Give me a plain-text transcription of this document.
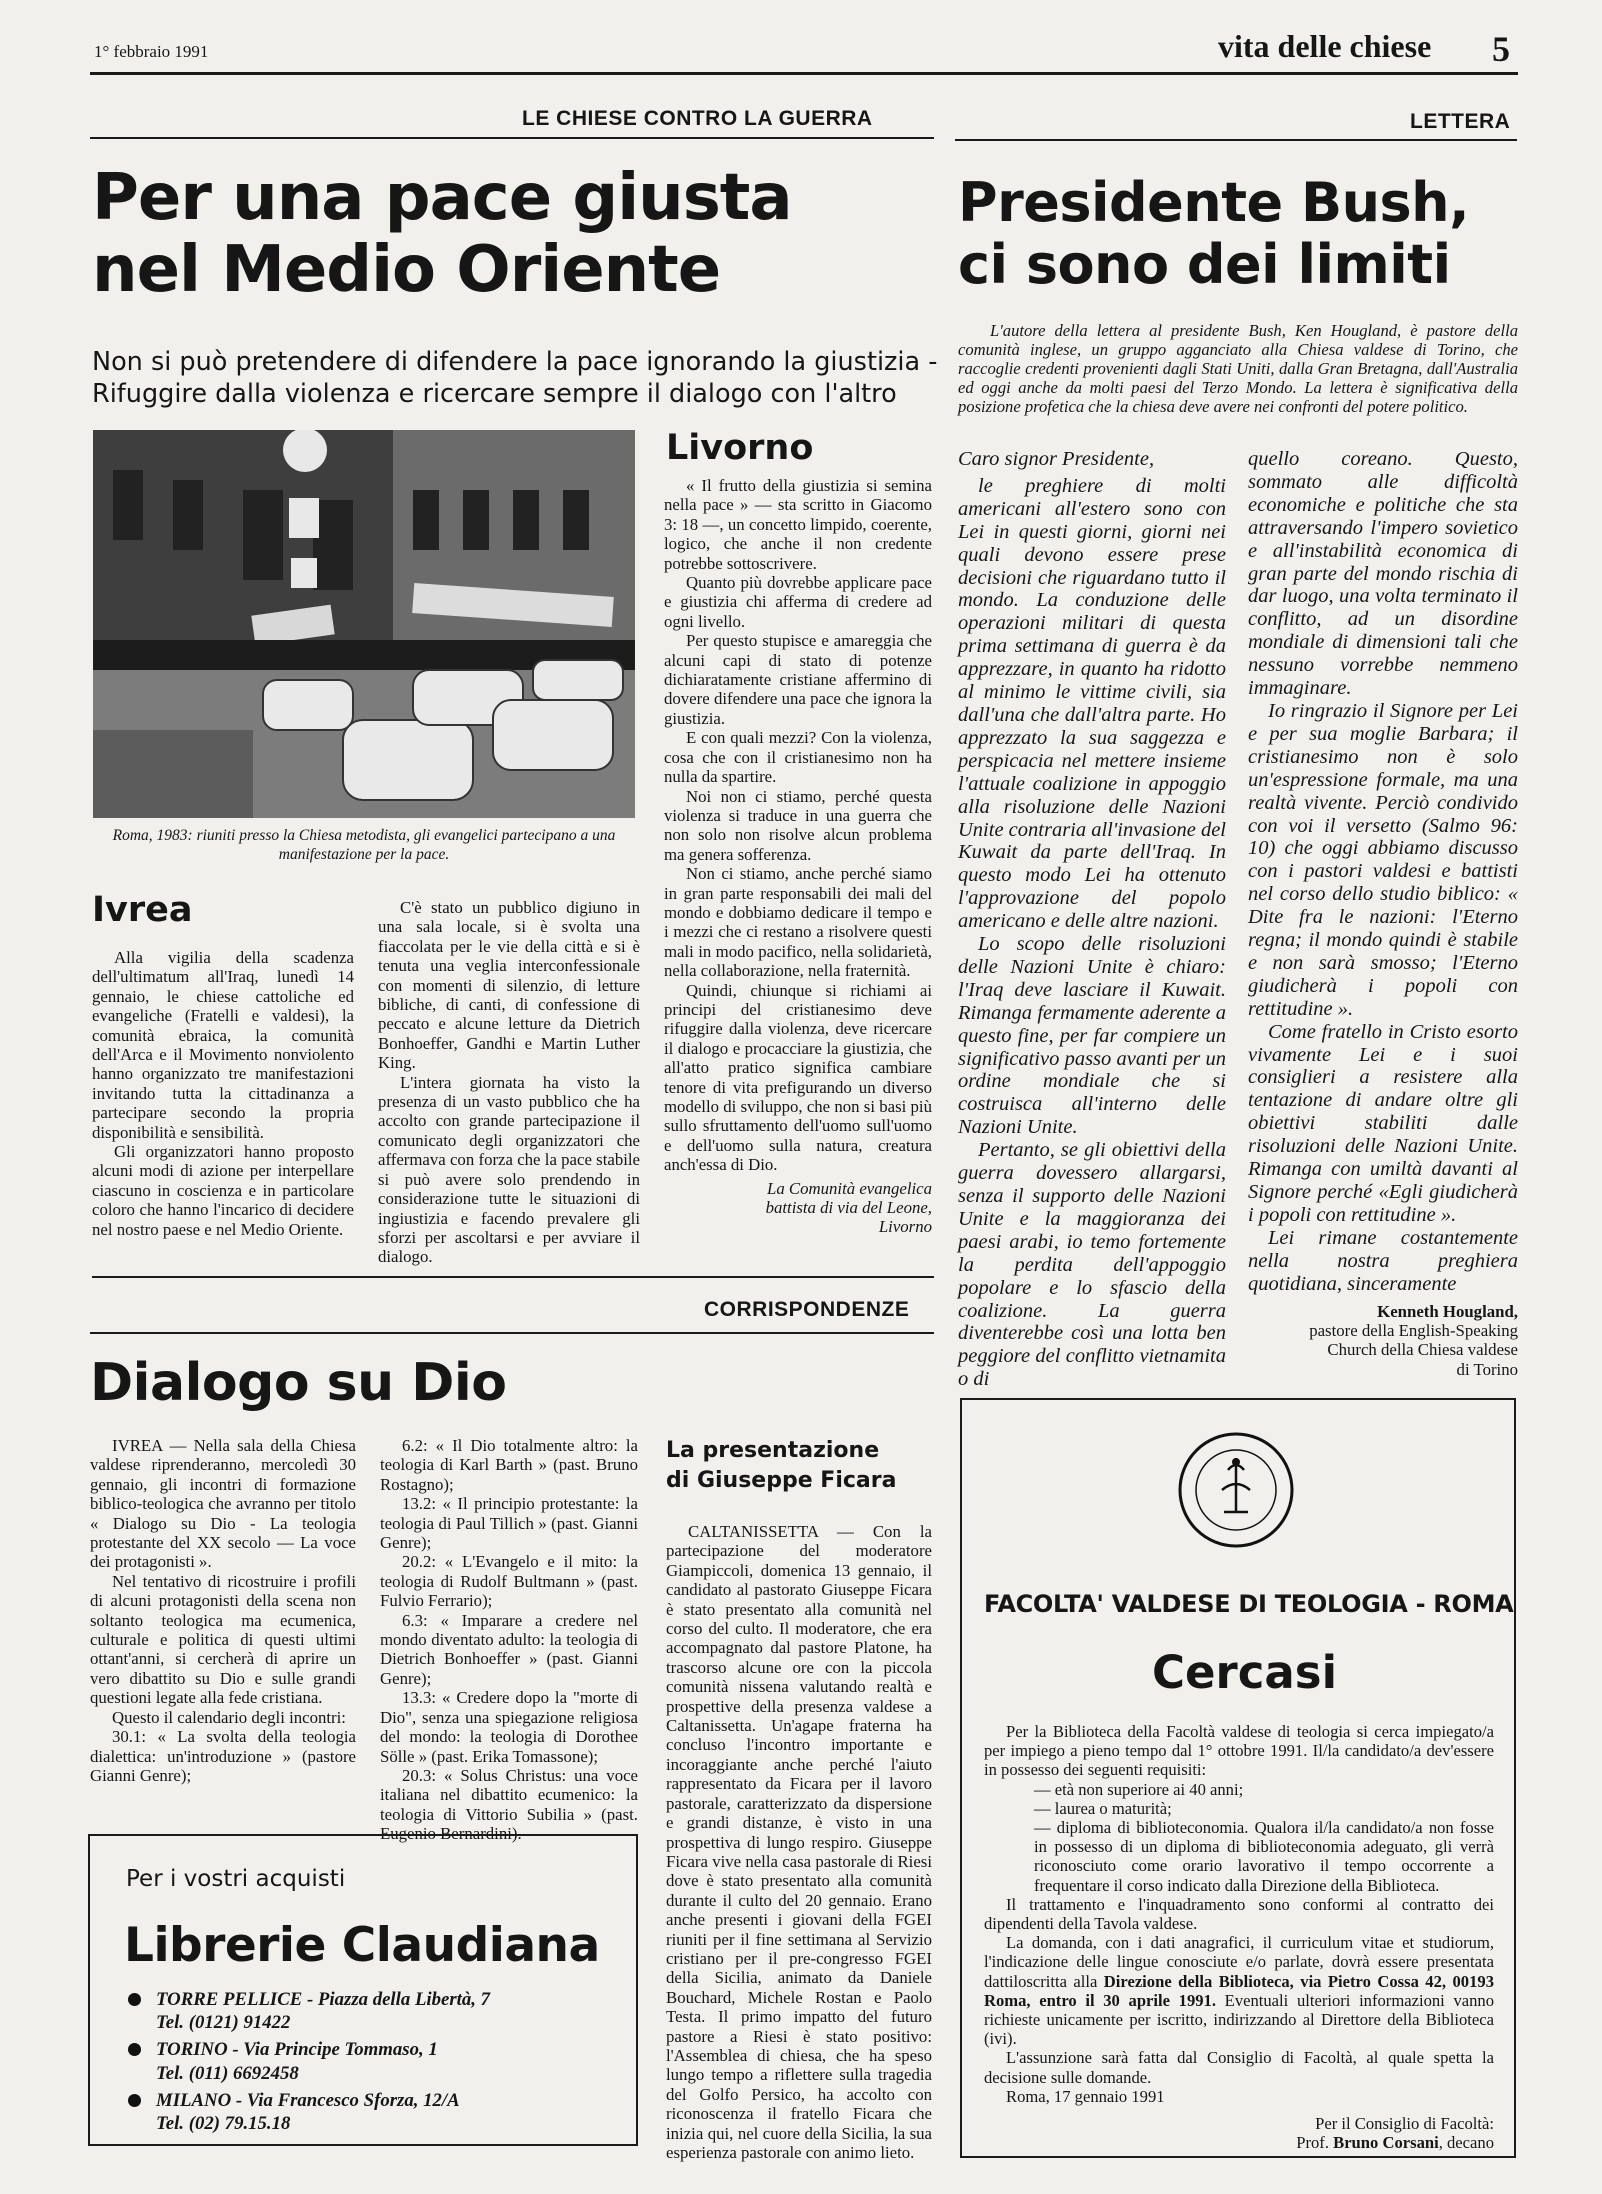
1° febbraio 1991	vita delle chiese 5
LE CHIESE CONTRO LA GUERRA	LETTERA
Per una pace giusta
nel Medio Oriente
Non si può pretendere di difendere la pace ignorando la giustizia -
Rifuggire dalla violenza e ricercare sempre il dialogo con l'altro
Roma, 1983: riuniti presso la Chiesa metodista, gli evangelici partecipano a una manifestazione per la pace.
Livorno

« Il frutto della giustizia si semina nella pace » — sta scritto in Giacomo 3: 18 —, un concetto limpido, coerente, logico, che anche il non credente potrebbe sottoscrivere.

Quanto più dovrebbe applicare pace e giustizia chi afferma di credere ad ogni livello.

Per questo stupisce e amareggia che alcuni capi di stato di potenze dichiaratamente cristiane affermino di dovere difendere una pace che ignora la giustizia.

E con quali mezzi? Con la violenza, cosa che con il cristianesimo non ha nulla da spartire.

Noi non ci stiamo, perché questa violenza si traduce in una guerra che non solo non risolve alcun problema ma genera sofferenza.

Non ci stiamo, anche perché siamo in gran parte responsabili dei mali del mondo e dobbiamo dedicare il tempo e i mezzi che ci restano a risolvere questi mali in modo pacifico, nella solidarietà, nella collaborazione, nella fraternità.

Quindi, chiunque si richiami ai principi del cristianesimo deve rifuggire dalla violenza, deve ricercare il dialogo e procacciare la giustizia, che all'atto pratico significa cambiare tenore di vita prefigurando un diverso modello di sviluppo, che non si basi più sullo sfruttamento dell'uomo sull'uomo e dell'uomo sulla natura, creatura anch'essa di Dio.

La Comunità evangelica
battista di via del Leone,
Livorno
Ivrea

Alla vigilia della scadenza dell'ultimatum all'Iraq, lunedì 14 gennaio, le chiese cattoliche ed evangeliche (Fratelli e valdesi), la comunità ebraica, la comunità dell'Arca e il Movimento nonviolento hanno organizzato tre manifestazioni invitando tutta la cittadinanza a partecipare secondo la propria disponibilità e sensibilità.

Gli organizzatori hanno proposto alcuni modi di azione per interpellare ciascuno in coscienza e in particolare coloro che hanno l'incarico di decidere nel nostro paese e nel Medio Oriente.

C'è stato un pubblico digiuno in una sala locale, si è svolta una fiaccolata per le vie della città e si è tenuta una veglia interconfessionale con momenti di silenzio, di letture bibliche, di canti, di confessione di peccato e alcune letture da Dietrich Bonhoeffer, Gandhi e Martin Luther King.

L'intera giornata ha visto la presenza di un vasto pubblico che ha accolto con grande partecipazione il comunicato degli organizzatori che affermava con forza che la pace stabile si può avere solo prendendo in considerazione tutte le situazioni di ingiustizia e facendo prevalere gli sforzi per ascoltarsi e per avviare il dialogo.

CORRISPONDENZE
Presidente Bush,
ci sono dei limiti
L'autore della lettera al presidente Bush, Ken Hougland, è pastore della comunità inglese, un gruppo agganciato alla Chiesa valdese di Torino, che raccoglie credenti provenienti dagli Stati Uniti, dalla Gran Bretagna, dall'Australia ed oggi anche da molti paesi del Terzo Mondo. La lettera è significativa della posizione profetica che la chiesa deve avere nei confronti del potere politico.

Caro signor Presidente,

le preghiere di molti americani all'estero sono con Lei in questi giorni, giorni nei quali devono essere prese decisioni che riguardano tutto il mondo. La conduzione delle operazioni militari di questa prima settimana di guerra è da apprezzare, in quanto ha ridotto al minimo le vittime civili, sia dall'una che dall'altra parte. Ho apprezzato la sua saggezza e perspicacia nel mettere insieme l'attuale coalizione in appoggio alla risoluzione delle Nazioni Unite contraria all'invasione del Kuwait da parte dell'Iraq. In questo modo Lei ha ottenuto l'approvazione del popolo americano e delle altre nazioni.

Lo scopo delle risoluzioni delle Nazioni Unite è chiaro: l'Iraq deve lasciare il Kuwait. Rimanga fermamente aderente a questo fine, per far compiere un significativo passo avanti per un ordine mondiale che si costruisca all'interno delle Nazioni Unite.

Pertanto, se gli obiettivi della guerra dovessero allargarsi, senza il supporto delle Nazioni Unite e la maggioranza dei paesi arabi, io temo fortemente la perdita dell'appoggio popolare e lo sfascio della coalizione. La guerra diventerebbe così una lotta ben peggiore del conflitto vietnamita o di

quello coreano. Questo, sommato alle difficoltà economiche e politiche che sta attraversando l'impero sovietico e all'instabilità economica di gran parte del mondo rischia di dar luogo, una volta terminato il conflitto, ad un disordine mondiale di dimensioni tali che nessuno vorrebbe nemmeno immaginare.

Io ringrazio il Signore per Lei e per sua moglie Barbara; il cristianesimo non è solo un'espressione formale, ma una realtà vivente. Perciò condivido con voi il versetto (Salmo 96: 10) che oggi abbiamo discusso con i pastori valdesi e battisti nel corso dello studio biblico: « Dite fra le nazioni: l'Eterno regna; il mondo quindi è stabile e non sarà smosso; l'Eterno giudicherà i popoli con rettitudine ».

Come fratello in Cristo esorto vivamente Lei e i suoi consiglieri a resistere alla tentazione di andare oltre gli obiettivi stabiliti dalle risoluzioni delle Nazioni Unite. Rimanga con umiltà davanti al Signore perché «Egli giudicherà i popoli con rettitudine ».

Lei rimane costantemente nella nostra preghiera quotidiana, sinceramente

Kenneth Hougland,
pastore della English-Speaking
Church della Chiesa valdese
di Torino
Dialogo su Dio

IVREA — Nella sala della Chiesa valdese riprenderanno, mercoledì 30 gennaio, gli incontri di formazione biblico-teologica che avranno per titolo « Dialogo su Dio - La teologia protestante del XX secolo — La voce dei protagonisti ».

Nel tentativo di ricostruire i profili di alcuni protagonisti della scena non soltanto teologica ma ecumenica, culturale e politica di questi ultimi ottant'anni, si cercherà di aprire un vero dibattito su Dio e sulle grandi questioni legate alla fede cristiana.

Questo il calendario degli incontri:

30.1: « La svolta della teologia dialettica: un'introduzione » (pastore Gianni Genre);

6.2: « Il Dio totalmente altro: la teologia di Karl Barth » (past. Bruno Rostagno);

13.2: « Il principio protestante: la teologia di Paul Tillich » (past. Gianni Genre);

20.2: « L'Evangelo e il mito: la teologia di Rudolf Bultmann » (past. Fulvio Ferrario);

6.3: « Imparare a credere nel mondo diventato adulto: la teologia di Dietrich Bonhoeffer » (past. Gianni Genre);

13.3: « Credere dopo la "morte di Dio", senza una spiegazione religiosa del mondo: la teologia di Dorothee Sölle » (past. Erika Tomassone);

20.3: « Solus Christus: una voce italiana nel dibattito ecumenico: la teologia di Vittorio Subilia » (past. Eugenio Bernardini).

La presentazione
di Giuseppe Ficara

CALTANISSETTA — Con la partecipazione del moderatore Giampiccoli, domenica 13 gennaio, il candidato al pastorato Giuseppe Ficara è stato presentato alla comunità nel corso del culto. Il moderatore, che era accompagnato dal pastore Platone, ha trascorso alcune ore con la piccola comunità nissena valutando realtà e prospettive della presenza valdese a Caltanissetta. Un'agape fraterna ha concluso l'incontro importante e incoraggiante anche perché l'aiuto rappresentato da Ficara per il lavoro pastorale, caratterizzato da dispersione e grandi distanze, è visto in una prospettiva di lungo respiro. Giuseppe Ficara vive nella casa pastorale di Riesi dove è stato presentato alla comunità durante il culto del 20 gennaio. Erano anche presenti i giovani della FGEI riuniti per il fine settimana al Servizio cristiano per il pre-congresso FGEI della Sicilia, animato da Daniele Bouchard, Michele Rostan e Paolo Testa. Il primo impatto del futuro pastore a Riesi è stato positivo: l'Assemblea di chiesa, che ha speso lungo tempo a riflettere sulla tragedia del Golfo Persico, ha accolto con riconoscenza il fratello Ficara che inizia qui, nel cuore della Sicilia, la sua esperienza pastorale con animo lieto.

Per i vostri acquisti
Librerie Claudiana
TORRE PELLICE - Piazza della Libertà, 7
Tel. (0121) 91422
TORINO - Via Principe Tommaso, 1
Tel. (011) 6692458
MILANO - Via Francesco Sforza, 12/A
Tel. (02) 79.15.18
FACOLTA' VALDESE DI TEOLOGIA - ROMA
Cercasi

Per la Biblioteca della Facoltà valdese di teologia si cerca impiegato/a per impiego a pieno tempo dal 1° ottobre 1991. Il/la candidato/a dev'essere in possesso dei seguenti requisiti:

— età non superiore ai 40 anni;
— laurea o maturità;
— diploma di biblioteconomia. Qualora il/la candidato/a non fosse in possesso di un diploma di biblioteconomia adeguato, gli verrà riconosciuto come orario lavorativo il tempo occorrente a frequentare il corso indicato dalla Direzione della Biblioteca.

Il trattamento e l'inquadramento sono conformi al contratto dei dipendenti della Tavola valdese.

La domanda, con i dati anagrafici, il curriculum vitae et studiorum, l'indicazione delle lingue conosciute e/o parlate, dovrà essere presentata dattiloscritta alla Direzione della Biblioteca, via Pietro Cossa 42, 00193 Roma, entro il 30 aprile 1991. Eventuali ulteriori informazioni vanno richieste unicamente per iscritto, indirizzando al Direttore della Biblioteca (ivi).

L'assunzione sarà fatta dal Consiglio di Facoltà, al quale spetta la decisione sulle domande.

Roma, 17 gennaio 1991
Per il Consiglio di Facoltà:
Prof. Bruno Corsani, decano
